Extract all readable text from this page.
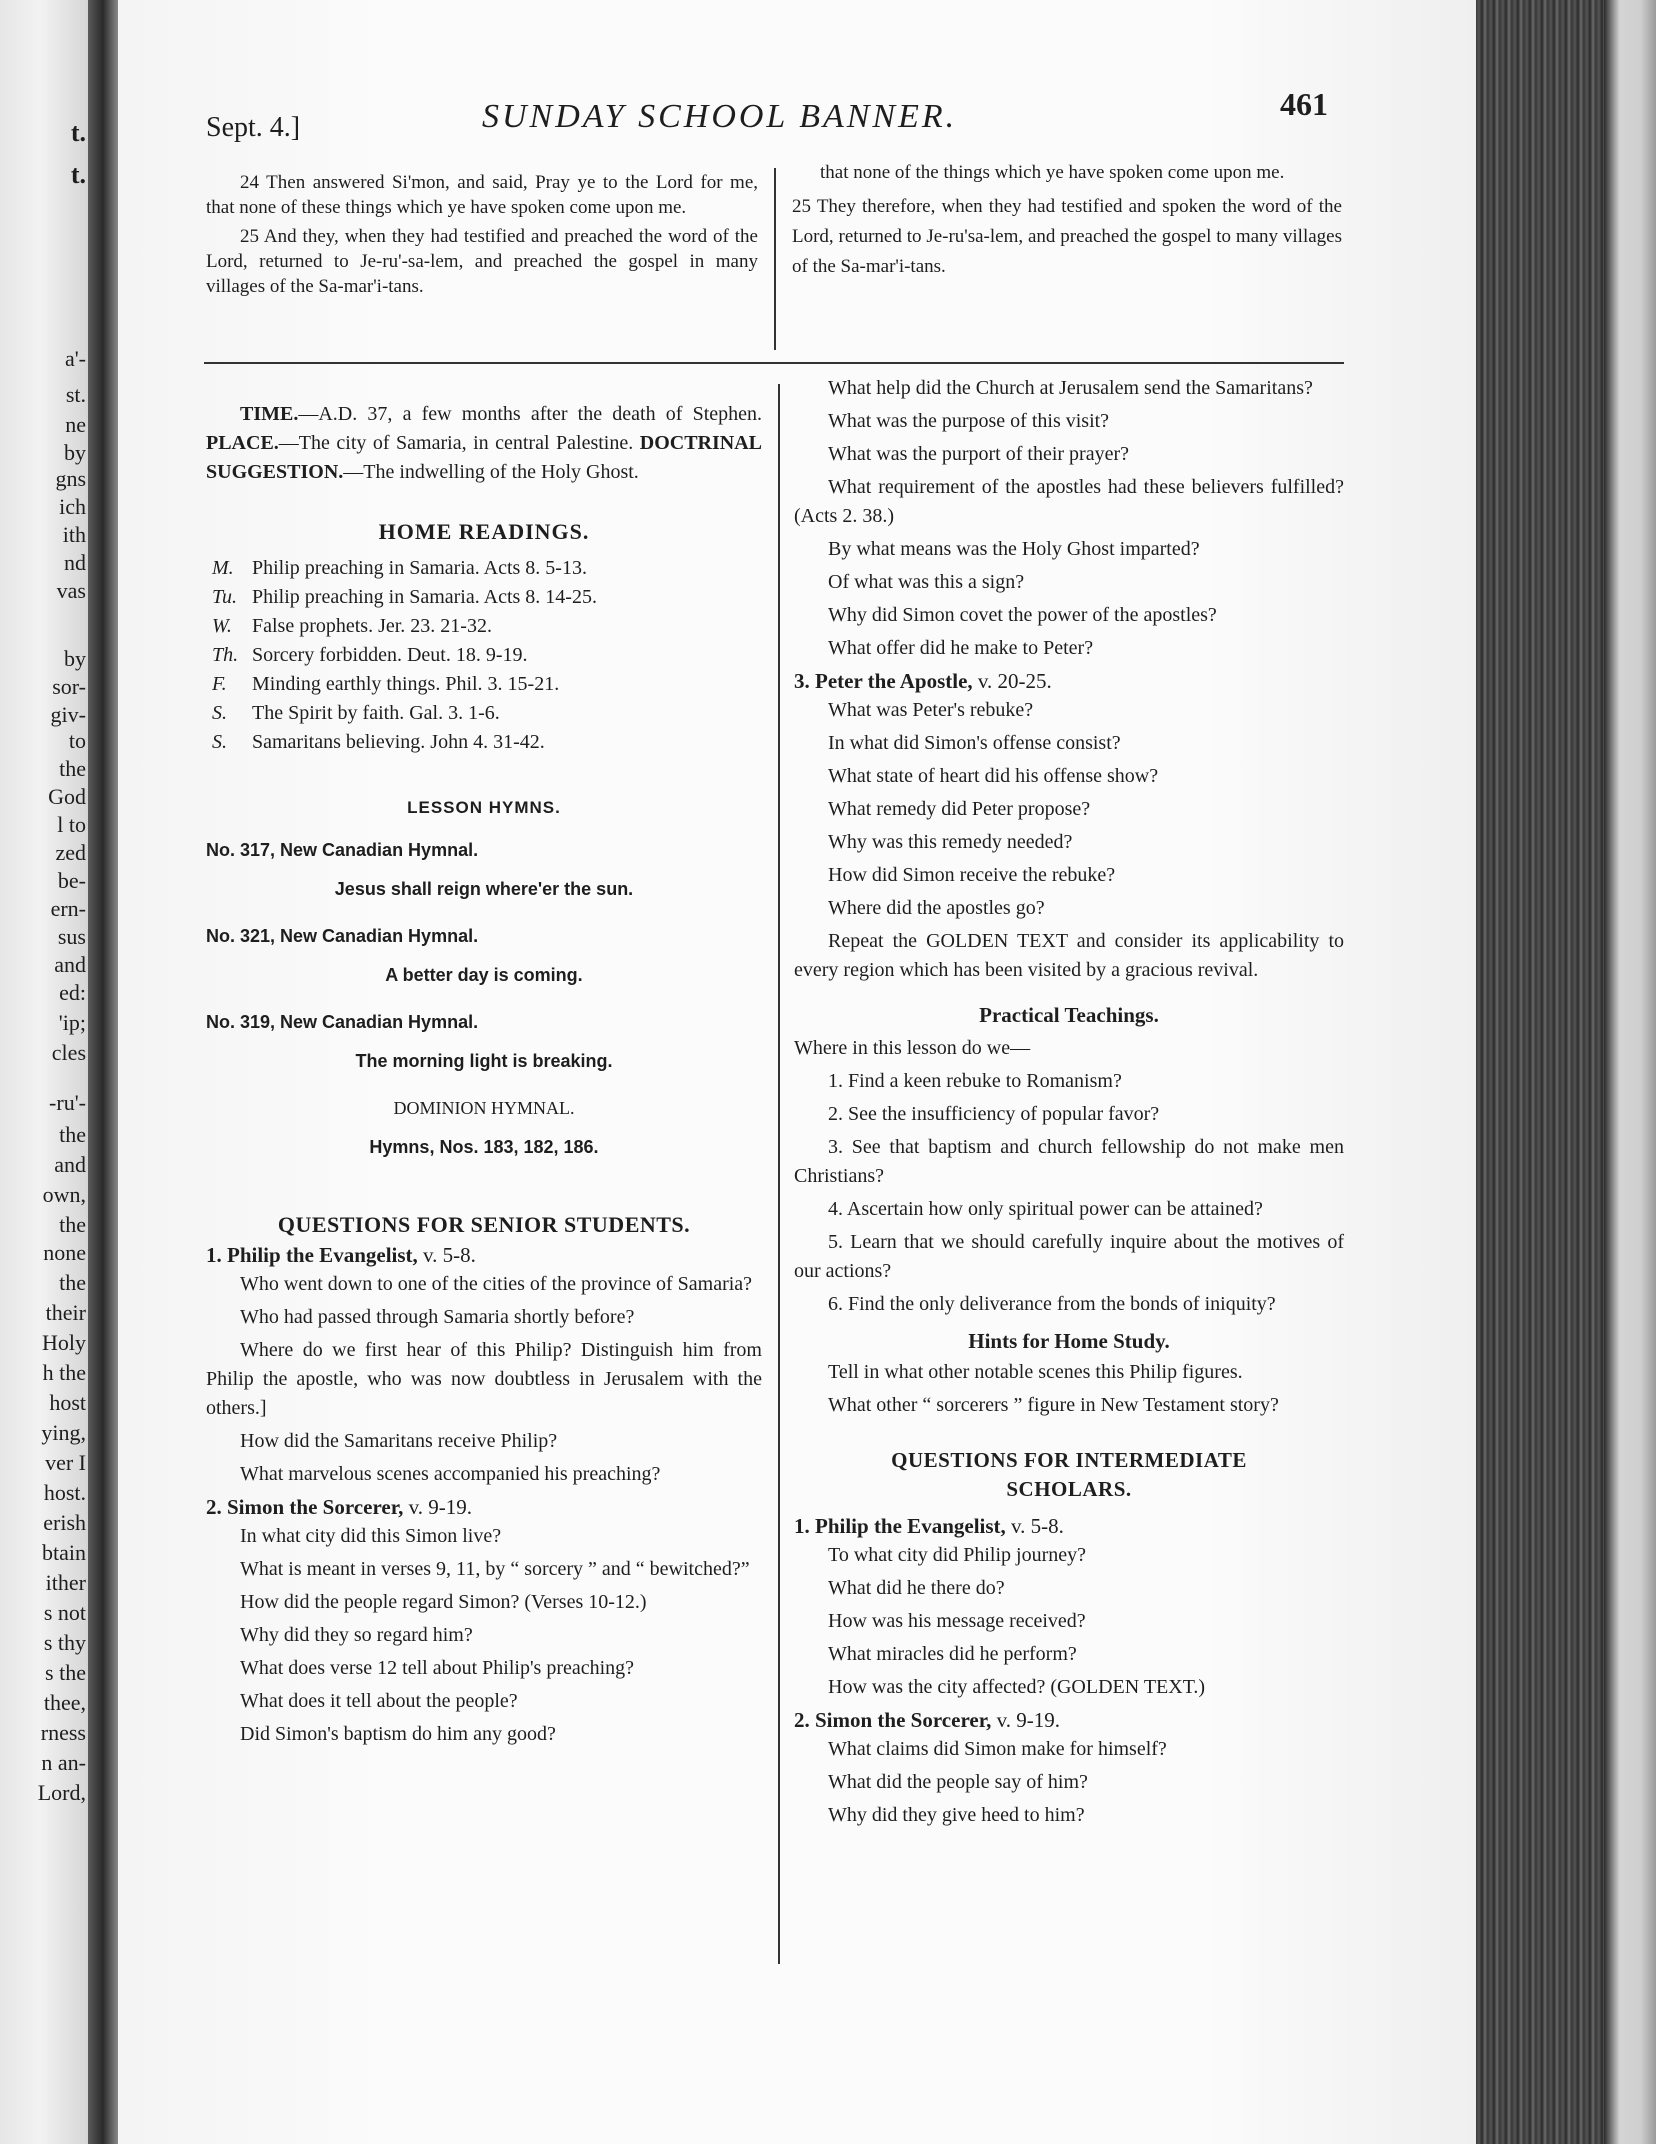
t.
t.
a'-
st.
ne
by
gns
ich
ith
nd
vas
by
sor-
giv-
to
the
God
l to
zed
be-
ern-
sus
and
ed:
'ip;
cles
-ru'-
the
and
own,
the
none
the
their
Holy
h the
host
ying,
ver I
host.
erish
btain
ither
s not
s thy
s the
thee,
rness
n an-
Lord,
Sept. 4.]	SUNDAY SCHOOL BANNER.	461

24 Then answered Si'mon, and said, Pray ye to the Lord for me, that none of these things which ye have spoken come upon me.

25 And they, when they had testified and preached the word of the Lord, returned to Je-ru'-sa-lem, and preached the gospel in many villages of the Sa-mar'i-tans.

that none of the things which ye have spoken come upon me.

25 They therefore, when they had testified and spoken the word of the Lord, returned to Je-ru'sa-lem, and preached the gospel to many villages of the Sa-mar'i-tans.

TIME.—A.D. 37, a few months after the death of Stephen. PLACE.—The city of Samaria, in central Palestine. DOCTRINAL SUGGESTION.—The indwelling of the Holy Ghost.

HOME READINGS.
M. Philip preaching in Samaria. Acts 8. 5-13.
Tu. Philip preaching in Samaria. Acts 8. 14-25.
W.	False prophets. Jer. 23. 21-32.
Th. Sorcery forbidden. Deut. 18. 9-19.
F.	Minding earthly things. Phil. 3. 15-21.
S.	The Spirit by faith. Gal. 3. 1-6.
S.	Samaritans believing. John 4. 31-42.
LESSON HYMNS.
No. 317, New Canadian Hymnal.
Jesus shall reign where'er the sun.
No. 321, New Canadian Hymnal.
A better day is coming.
No. 319, New Canadian Hymnal.
The morning light is breaking.
DOMINION HYMNAL.
Hymns, Nos. 183, 182, 186.
QUESTIONS FOR SENIOR STUDENTS.
1. Philip the Evangelist, v. 5-8.

Who went down to one of the cities of the province of Samaria?

Who had passed through Samaria shortly before?

Where do we first hear of this Philip? Distinguish him from Philip the apostle, who was now doubtless in Jerusalem with the others.]

How did the Samaritans receive Philip?

What marvelous scenes accompanied his preaching?

2. Simon the Sorcerer, v. 9-19.

In what city did this Simon live?

What is meant in verses 9, 11, by “ sorcery ” and “ bewitched?”

How did the people regard Simon? (Verses 10-12.)

Why did they so regard him?

What does verse 12 tell about Philip's preaching?

What does it tell about the people?

Did Simon's baptism do him any good?

What help did the Church at Jerusalem send the Samaritans?

What was the purpose of this visit?

What was the purport of their prayer?

What requirement of the apostles had these believers fulfilled? (Acts 2. 38.)

By what means was the Holy Ghost imparted?

Of what was this a sign?

Why did Simon covet the power of the apostles?

What offer did he make to Peter?

3. Peter the Apostle, v. 20-25.

What was Peter's rebuke?

In what did Simon's offense consist?

What state of heart did his offense show?

What remedy did Peter propose?

Why was this remedy needed?

How did Simon receive the rebuke?

Where did the apostles go?

Repeat the GOLDEN TEXT and consider its applicability to every region which has been visited by a gracious revival.

Practical Teachings.

Where in this lesson do we—

1. Find a keen rebuke to Romanism?

2. See the insufficiency of popular favor?

3. See that baptism and church fellowship do not make men Christians?

4. Ascertain how only spiritual power can be attained?

5. Learn that we should carefully inquire about the motives of our actions?

6. Find the only deliverance from the bonds of iniquity?

Hints for Home Study.

Tell in what other notable scenes this Philip figures.

What other “ sorcerers ” figure in New Testament story?

QUESTIONS FOR INTERMEDIATE
SCHOLARS.
1. Philip the Evangelist, v. 5-8.

To what city did Philip journey?

What did he there do?

How was his message received?

What miracles did he perform?

How was the city affected? (GOLDEN TEXT.)

2. Simon the Sorcerer, v. 9-19.

What claims did Simon make for himself?

What did the people say of him?

Why did they give heed to him?
